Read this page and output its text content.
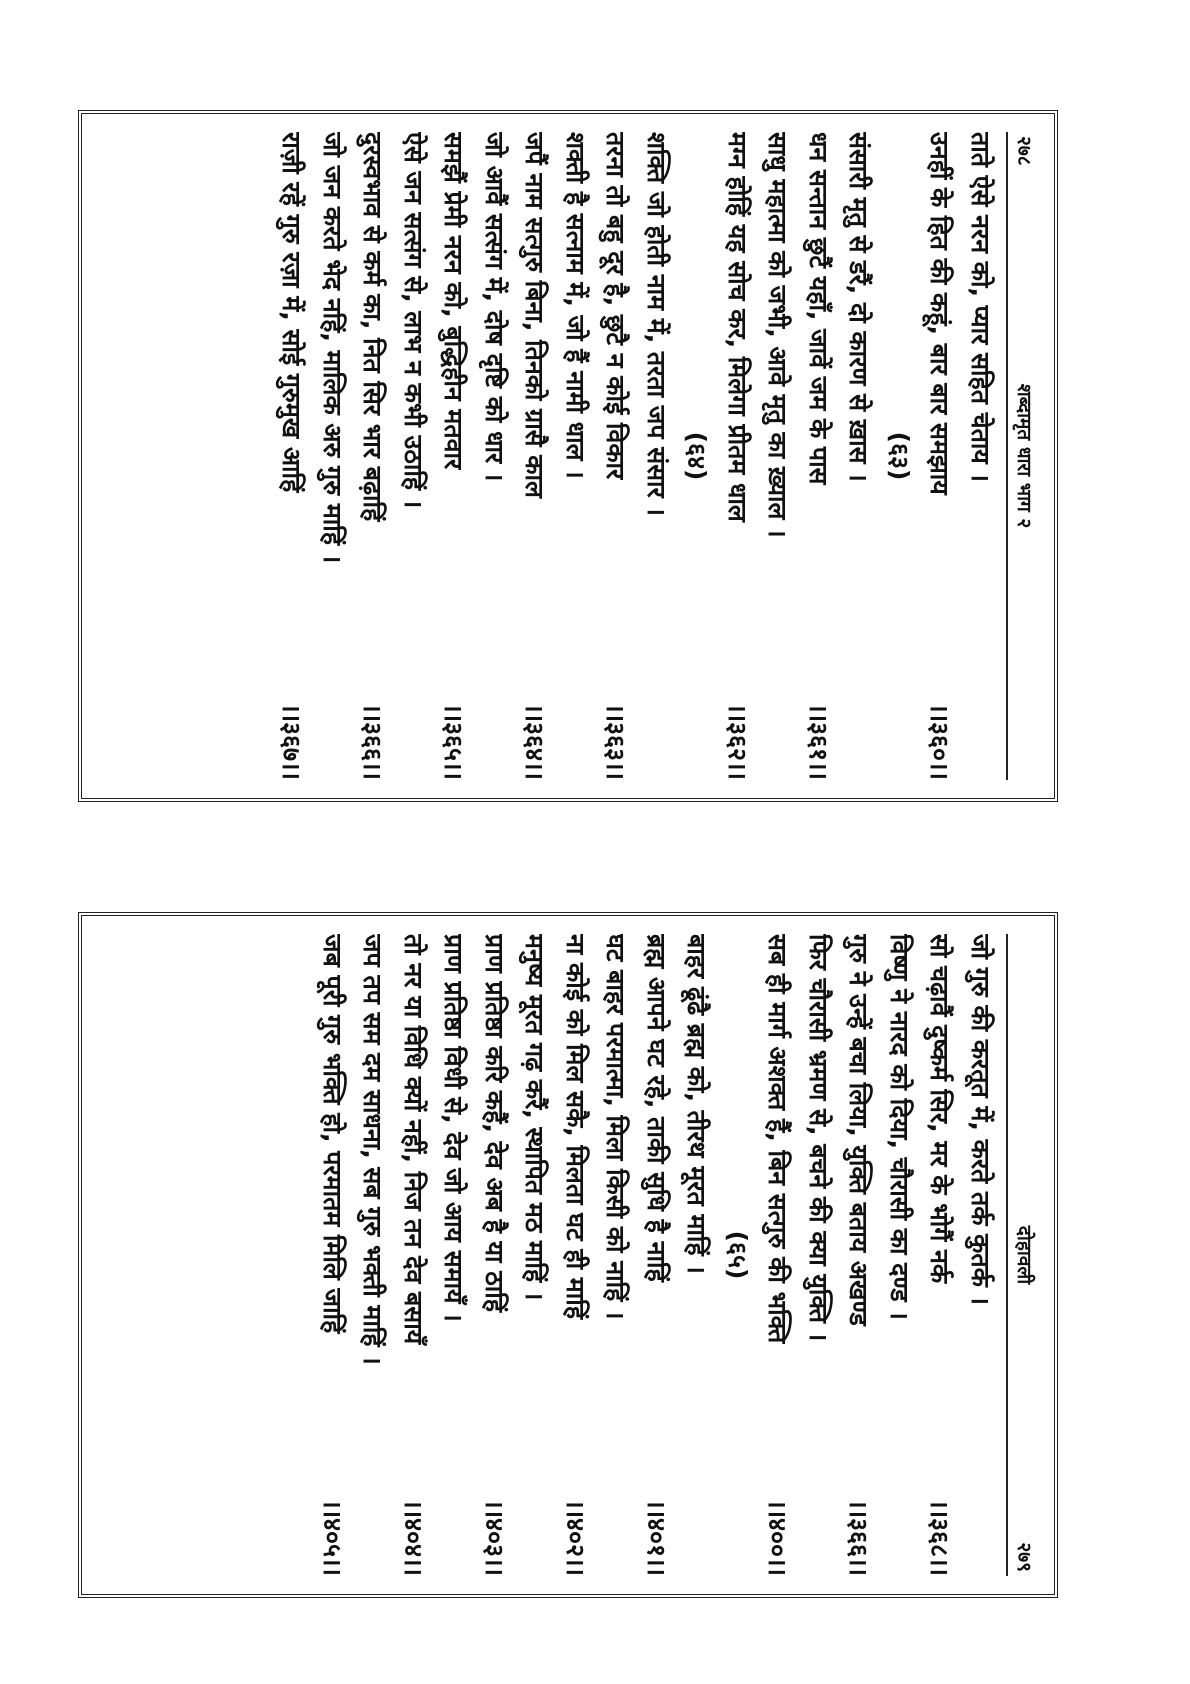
२७८
शब्दामृत धारा भाग २
ताते ऐसे नरन को, प्यार सहित चेताय ।
।।३६०।।
उनहीं के हित की कहूं, बार बार समझाय
(६३)
संसारी मृतु से डरैं, दो कारण से ख़ास ।
।।३६१।।
धन सन्तान छुटैं यहाँ, जावें जम के पास
साधु महात्मा को जभी, आवे मृतु का ख़्याल ।
।।३६२।।
मग्न होहिं यह सोच कर, मिलेगा प्रीतम धाल
(६४)
शक्ति जो होती नाम में, तरता जप संसार ।
।।३६३।।
तरना तो बहु दूर है, छुटै न कोई विकार
शक्ती है सत्नाम में, जो हैं नामी धाल ।
।।३६४।।
जपैं नाम सत्गुरु बिना, तिनको ग्रासै काल
जो आवैं सत्संग में, दोष दृष्टि को धार ।
।।३६५।।
समझैं प्रेमी नरन को, बुद्धिहीन मतवार
ऐसे जन सत्संग से, लाभ न कभी उठाहिं ।
।।३६६।।
दुरस्वभाव से कर्म का, नित सिर भार बढ़ाहिं
जो जन करते भेद नहिं, मालिक अरु गुरु माहिं ।
।।३६७।।
राज़ी रहें गुरु रज़ा में, सोई गुरुमुख आहिं
दोहावली
२७९
जो गुरु की करतूत में, करते तर्क कुतर्क ।
।।३६८।।
सो चढ़ावैं दुष्कर्म सिर, मर के भोगैं नर्क
विष्णु ने नारद को दिया, चौरासी का दण्ड ।
।।३६६।।
गुरु ने उन्हें बचा लिया, युक्ति बताय अखण्ड
फिर चौरासी भ्रमण से, बचने की क्या युक्ति ।
।।४००।।
सब ही मार्ग अशक्त हैं, बिन सत्गुरु की भक्ति
(६५)
बाहर ढूंढै ब्रह्म को, तीरथ मूरत माहिं ।
।।४०१।।
ब्रह्म आपने घट रहे, ताकी सुधि है नाहिं
घट बाहर परमात्मा, मिला किसी को नाहिं ।
।।४०२।।
ना कोई को मिल सकै, मिलता घट ही माहिं
मनुष्य मूरत गढ़ करैं, स्थापित मठ माहिं ।
।।४०३।।
प्राण प्रतिष्ठा करि कहैं, देव अब है या ठाहिं
प्राण प्रतिष्ठा विधी से, देव जो आय समायँ ।
।।४०४।।
तो नर या विधि क्यों नहीं, निज तन देव बसायँ
जप तप सम दम साधना, सब गुरु भक्ती माहिं ।
।।४०५।।
जब पूरी गुरु भक्ति हो, परमातम मिलि जाहिं
